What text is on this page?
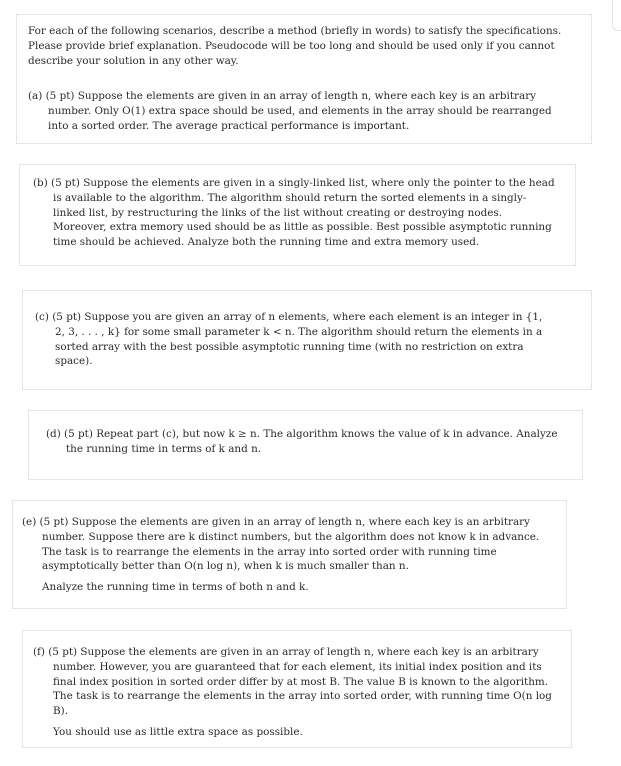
For each of the following scenarios, describe a method (briefly in words) to satisfy the specifications. Please provide brief explanation. Pseudocode will be too long and should be used only if you cannot describe your solution in any other way.

(a) (5 pt) Suppose the elements are given in an array of length n, where each key is an arbitrary number. Only O(1) extra space should be used, and elements in the array should be rearranged into a sorted order. The average practical performance is important.

(b) (5 pt) Suppose the elements are given in a singly-linked list, where only the pointer to the head is available to the algorithm. The algorithm should return the sorted elements in a singly-linked list, by restructuring the links of the list without creating or destroying nodes. Moreover, extra memory used should be as little as possible. Best possible asymptotic running time should be achieved. Analyze both the running time and extra memory used.

(c) (5 pt) Suppose you are given an array of n elements, where each element is an integer in {1, 2, 3, . . . , k} for some small parameter k < n. The algorithm should return the elements in a sorted array with the best possible asymptotic running time (with no restriction on extra space).

(d) (5 pt) Repeat part (c), but now k ≥ n. The algorithm knows the value of k in advance. Analyze the running time in terms of k and n.

(e) (5 pt) Suppose the elements are given in an array of length n, where each key is an arbitrary number. Suppose there are k distinct numbers, but the algorithm does not know k in advance. The task is to rearrange the elements in the array into sorted order with running time asymptotically better than O(n log n), when k is much smaller than n.

Analyze the running time in terms of both n and k.

(f) (5 pt) Suppose the elements are given in an array of length n, where each key is an arbitrary number. However, you are guaranteed that for each element, its initial index position and its final index position in sorted order differ by at most B. The value B is known to the algorithm. The task is to rearrange the elements in the array into sorted order, with running time O(n log B).

You should use as little extra space as possible.
